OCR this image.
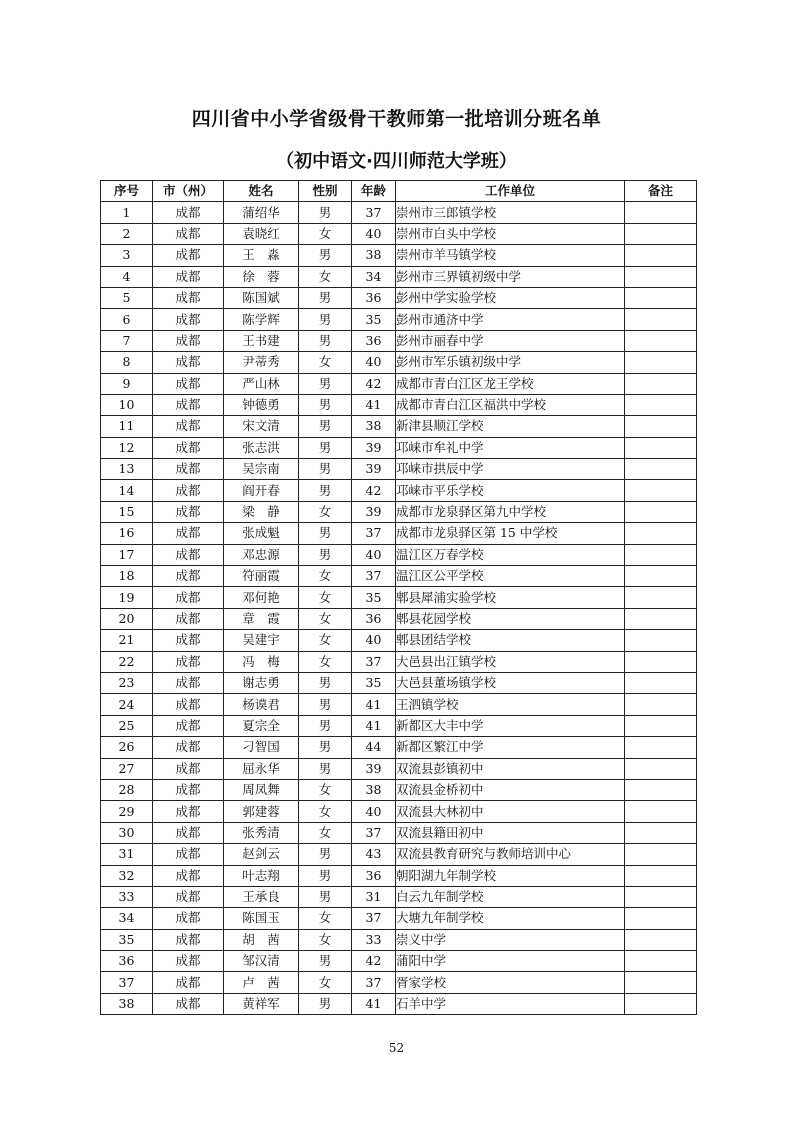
四川省中小学省级骨干教师第一批培训分班名单
（初中语文·四川师范大学班）
序号	市（州）	姓名	性别	年龄	工作单位	备注
1	成都	蒲绍华	男	37	崇州市三郎镇学校	
2	成都	袁晓红	女	40	崇州市白头中学校	
3	成都	王　淼	男	38	崇州市羊马镇学校	
4	成都	徐　蓉	女	34	彭州市三界镇初级中学	
5	成都	陈国斌	男	36	彭州中学实验学校	
6	成都	陈学辉	男	35	彭州市通济中学	
7	成都	王书建	男	36	彭州市丽春中学	
8	成都	尹蒂秀	女	40	彭州市军乐镇初级中学	
9	成都	严山林	男	42	成都市青白江区龙王学校	
10	成都	钟德勇	男	41	成都市青白江区福洪中学校	
11	成都	宋文清	男	38	新津县顺江学校	
12	成都	张志洪	男	39	邛崃市牟礼中学	
13	成都	吴宗南	男	39	邛崃市拱辰中学	
14	成都	阎开春	男	42	邛崃市平乐学校	
15	成都	梁　静	女	39	成都市龙泉驿区第九中学校	
16	成都	张成魁	男	37	成都市龙泉驿区第 15 中学校	
17	成都	邓忠源	男	40	温江区万春学校	
18	成都	符丽霞	女	37	温江区公平学校	
19	成都	邓何艳	女	35	郫县犀浦实验学校	
20	成都	章　霞	女	36	郫县花园学校	
21	成都	吴建宇	女	40	郫县团结学校	
22	成都	冯　梅	女	37	大邑县出江镇学校	
23	成都	谢志勇	男	35	大邑县董场镇学校	
24	成都	杨谟君	男	41	王泗镇学校	
25	成都	夏宗全	男	41	新都区大丰中学	
26	成都	刁智国	男	44	新都区繁江中学	
27	成都	屈永华	男	39	双流县彭镇初中	
28	成都	周凤舞	女	38	双流县金桥初中	
29	成都	郭建蓉	女	40	双流县大林初中	
30	成都	张秀清	女	37	双流县籍田初中	
31	成都	赵剑云	男	43	双流县教育研究与教师培训中心	
32	成都	叶志翔	男	36	朝阳湖九年制学校	
33	成都	王承良	男	31	白云九年制学校	
34	成都	陈国玉	女	37	大塘九年制学校	
35	成都	胡　茜	女	33	崇义中学	
36	成都	邹汉清	男	42	蒲阳中学	
37	成都	卢　茜	女	37	胥家学校	
38	成都	黄祥军	男	41	石羊中学	
52
